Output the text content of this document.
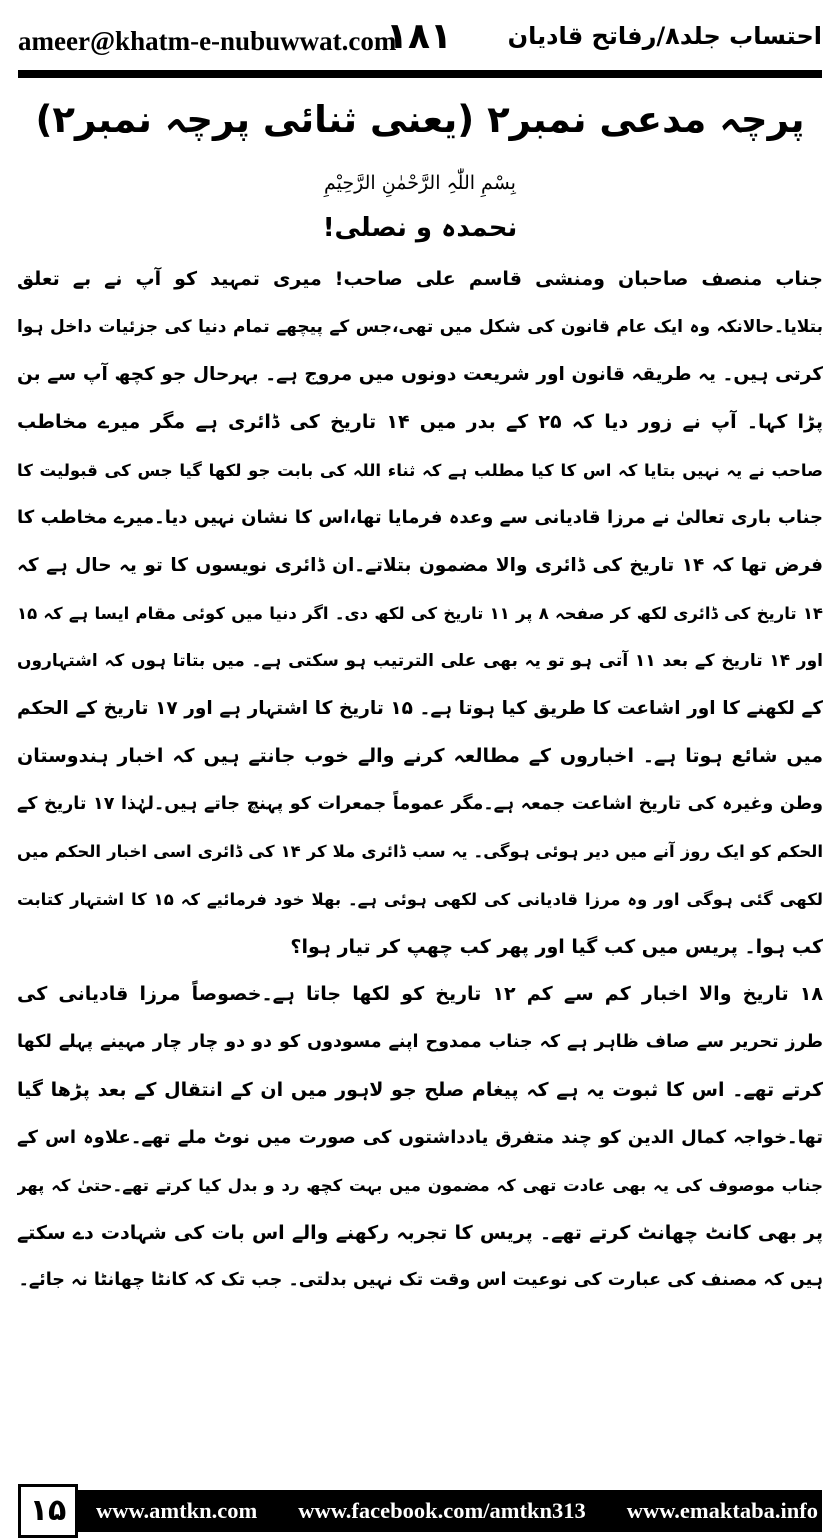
ameer@khatm-e-nubuwwat.com
۱۸۱ احتساب جلد۸/رفاتح قادیان
پرچہ مدعی نمبر۲ (یعنی ثنائی پرچہ نمبر۲)
بِسْمِ اللّٰہِ الرَّحْمٰنِ الرَّحِیْمِ
نحمدہ و نصلی!

جناب منصف صاحبان ومنشی قاسم علی صاحب! میری تمہید کو آپ نے بے تعلق
بتلایا۔حالانکہ وہ ایک عام قانون کی شکل میں تھی،جس کے پیچھے تمام دنیا کی جزئیات داخل ہوا
کرتی ہیں۔ یہ طریقہ قانون اور شریعت دونوں میں مروج ہے۔ بہرحال جو کچھ آپ سے بن
پڑا کہا۔ آپ نے زور دیا کہ ۲۵ کے بدر میں ۱۴ تاریخ کی ڈائری ہے مگر میرے مخاطب
صاحب نے یہ نہیں بتایا کہ اس کا کیا مطلب ہے کہ ثناء اللہ کی بابت جو لکھا گیا جس کی قبولیت کا
جناب باری تعالیٰ نے مرزا قادیانی سے وعدہ فرمایا تھا،اس کا نشان نہیں دیا۔میرے مخاطب کا
فرض تھا کہ ۱۴ تاریخ کی ڈائری والا مضمون بتلاتے۔ان ڈائری نویسوں کا تو یہ حال ہے کہ
۱۴ تاریخ کی ڈائری لکھ کر صفحہ ۸ پر ۱۱ تاریخ کی لکھ دی۔ اگر دنیا میں کوئی مقام ایسا ہے کہ ۱۵
اور ۱۴ تاریخ کے بعد ۱۱ آتی ہو تو یہ بھی علی الترتیب ہو سکتی ہے۔ میں بتاتا ہوں کہ اشتہاروں
کے لکھنے کا اور اشاعت کا طریق کیا ہوتا ہے۔ ۱۵ تاریخ کا اشتہار ہے اور ۱۷ تاریخ کے الحکم
میں شائع ہوتا ہے۔ اخباروں کے مطالعہ کرنے والے خوب جانتے ہیں کہ اخبار ہندوستان
وطن وغیرہ کی تاریخ اشاعت جمعہ ہے۔مگر عموماً جمعرات کو پہنچ جاتے ہیں۔لہٰذا ۱۷ تاریخ کے
الحکم کو ایک روز آنے میں دیر ہوئی ہوگی۔ یہ سب ڈائری ملا کر ۱۴ کی ڈائری اسی اخبار الحکم میں
لکھی گئی ہوگی اور وہ مرزا قادیانی کی لکھی ہوئی ہے۔ بھلا خود فرمائیے کہ ۱۵ کا اشتہار کتابت
کب ہوا۔ پریس میں کب گیا اور پھر کب چھپ کر تیار ہوا؟

۱۸ تاریخ والا اخبار کم سے کم ۱۲ تاریخ کو لکھا جاتا ہے۔خصوصاً مرزا قادیانی کی
طرز تحریر سے صاف ظاہر ہے کہ جناب ممدوح اپنے مسودوں کو دو دو چار چار مہینے پہلے لکھا
کرتے تھے۔ اس کا ثبوت یہ ہے کہ پیغام صلح جو لاہور میں ان کے انتقال کے بعد پڑھا گیا
تھا۔خواجہ کمال الدین کو چند متفرق یادداشتوں کی صورت میں نوٹ ملے تھے۔علاوہ اس کے
جناب موصوف کی یہ بھی عادت تھی کہ مضمون میں بہت کچھ رد و بدل کیا کرتے تھے۔حتیٰ کہ پھر
پر بھی کانٹ چھانٹ کرتے تھے۔ پریس کا تجربہ رکھنے والے اس بات کی شہادت دے سکتے
ہیں کہ مصنف کی عبارت کی نوعیت اس وقت تک نہیں بدلتی۔ جب تک کہ کانٹا چھانٹا نہ جائے۔

۱۵	www.amtkn.com www.facebook.com/amtkn313 www.emaktaba.info
